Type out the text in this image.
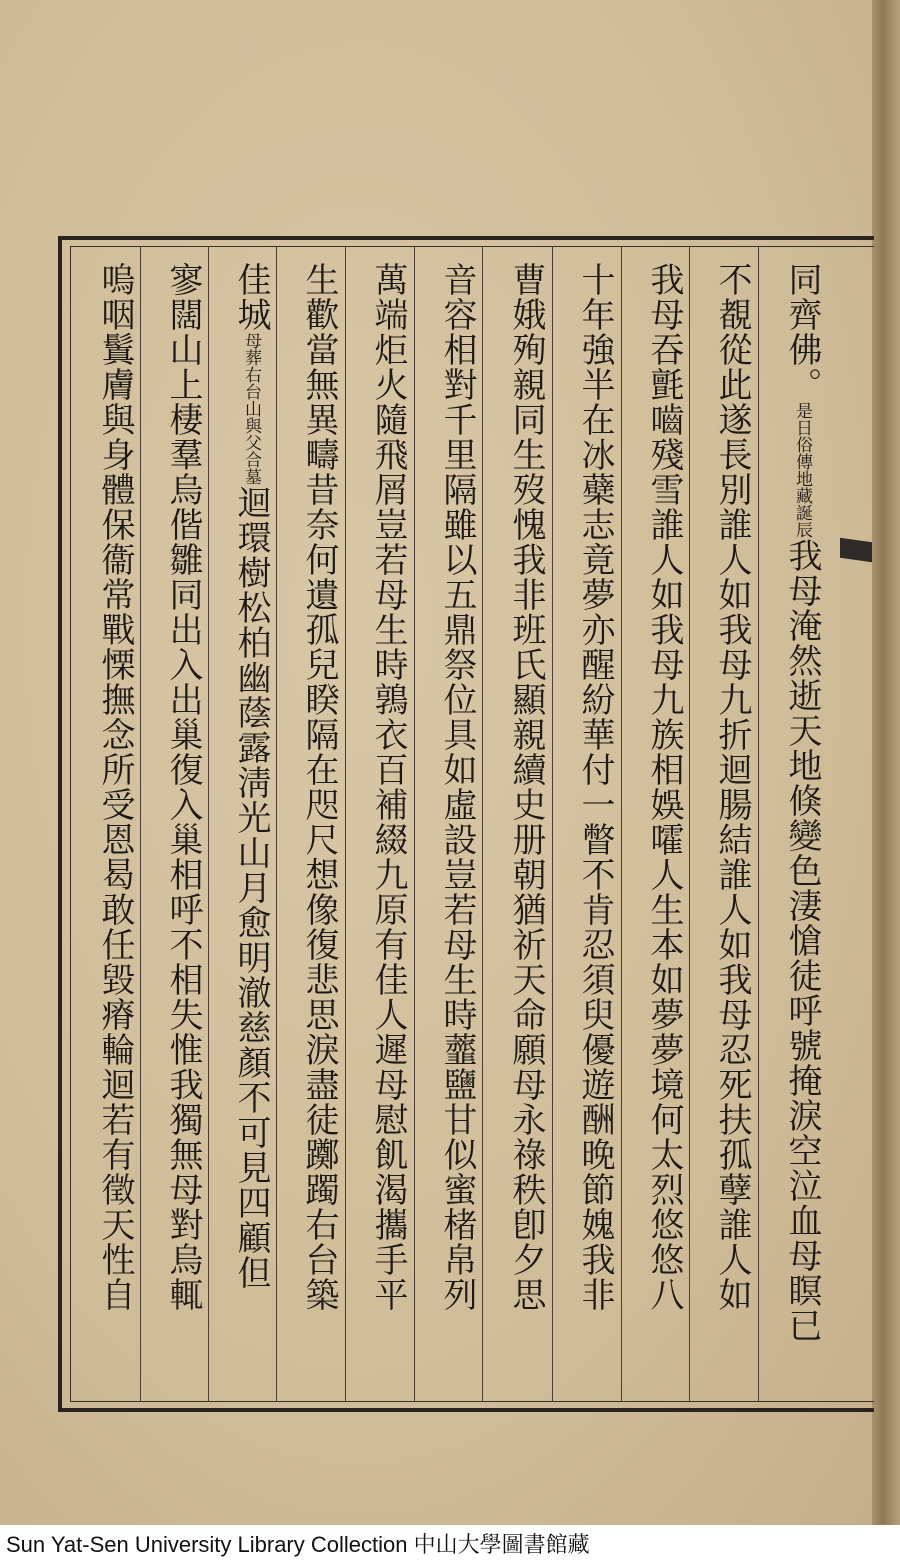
同齊佛。是日俗傳地藏誕辰我母淹然逝天地倏變色淒愴徒呼號掩淚空泣血母瞑已
不覩從此遂長別誰人如我母九折迴腸結誰人如我母忍死扶孤孽誰人如
我母吞氈嚙殘雪誰人如我母九族相娛嚯人生本如夢夢境何太烈悠悠八
十年強半在冰蘗志竟夢亦醒紛華付一瞥不肯忍須臾優遊酬晚節媿我非
曹娥殉親同生歿愧我非班氏顯親續史册朝猶祈天命願母永祿秩卽夕思
音容相對千里隔雖以五鼎祭位具如虛設豈若母生時虀鹽甘似蜜楮帛列
萬端炬火隨飛屑豈若母生時鶉衣百補綴九原有佳人遲母慰飢渴攜手平
生歡當無異疇昔奈何遺孤兒睽隔在咫尺想像復悲思淚盡徒躑躅右台築
佳城母葬右台山與父合墓迴環樹松柏幽蔭露淸光山月愈明澈慈顏不可見四顧但
寥闊山上棲羣烏偕雛同出入出巢復入巢相呼不相失惟我獨無母對烏輒
嗚咽鬒膚與身體保衞常戰慄撫念所受恩曷敢任毀瘠輪迴若有徵天性自
Sun Yat-Sen University Library Collection 中山大學圖書館藏
